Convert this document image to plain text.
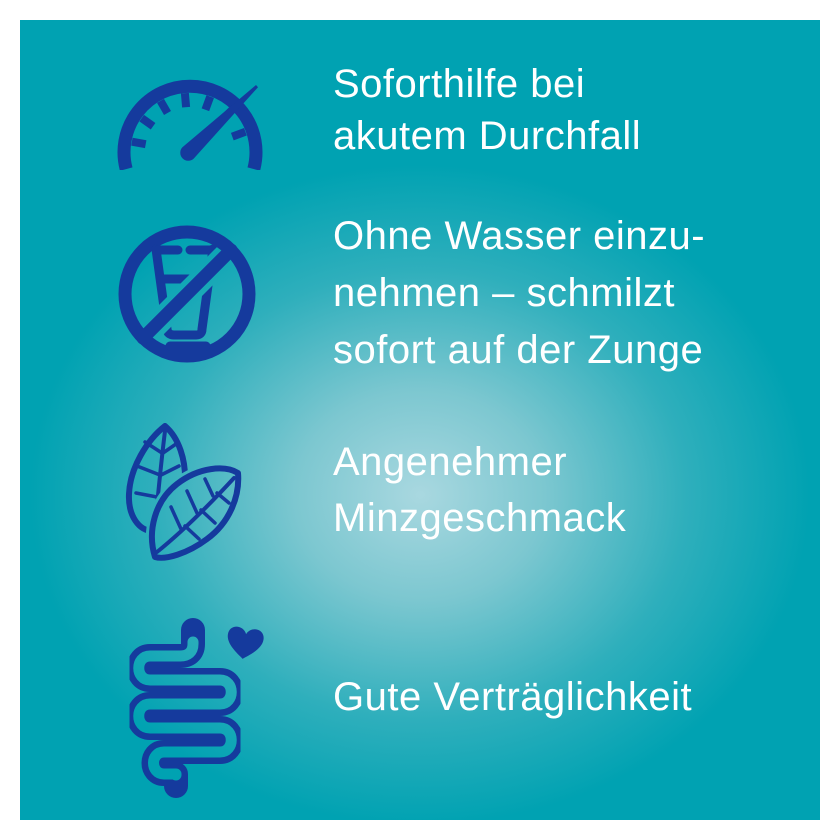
Soforthilfe bei
akutem Durchfall
Ohne Wasser einzu-
nehmen – schmilzt
sofort auf der Zunge
Angenehmer
Minzgeschmack
Gute Verträglichkeit
